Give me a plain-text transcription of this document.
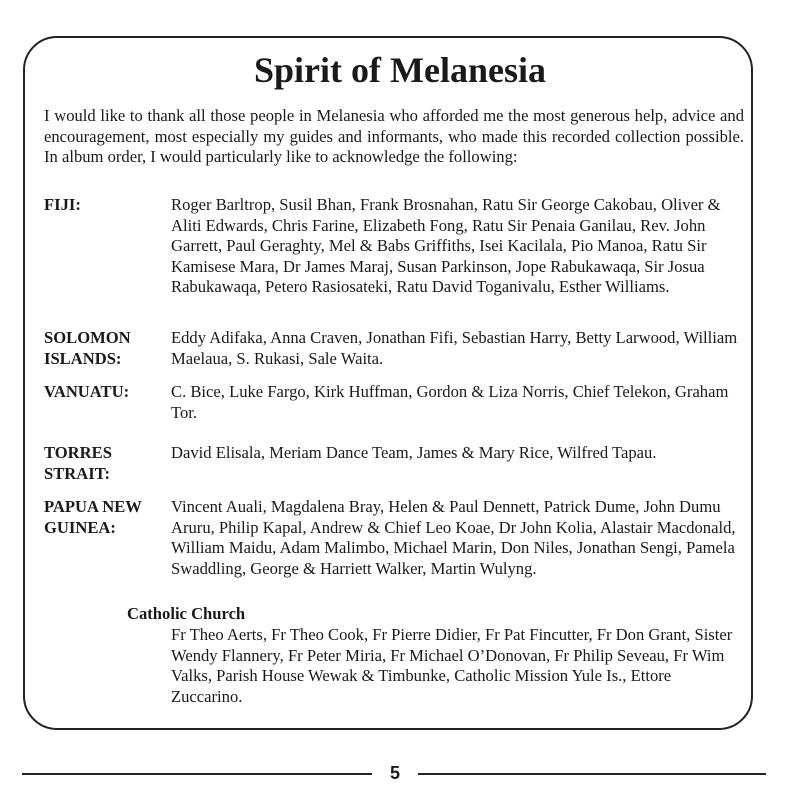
Spirit of Melanesia

I would like to thank all those people in Melanesia who afforded me the most generous help, advice and encouragement, most especially my guides and informants, who made this recorded collection possible. In album order, I would particularly like to acknowledge the following:

FIJI:	Roger Barltrop, Susil Bhan, Frank Brosnahan, Ratu Sir George Cakobau, Oliver & Aliti Edwards, Chris Farine, Elizabeth Fong, Ratu Sir Penaia Ganilau, Rev. John Garrett, Paul Geraghty, Mel & Babs Griffiths, Isei Kacilala, Pio Manoa, Ratu Sir Kamisese Mara, Dr James Maraj, Susan Parkinson, Jope Rabukawaqa, Sir Josua Rabukawaqa, Petero Rasiosateki, Ratu David Toganivalu, Esther Williams.
SOLOMON
ISLANDS:
Eddy Adifaka, Anna Craven, Jonathan Fifi, Sebastian Harry, Betty Larwood, William Maelaua, S. Rukasi, Sale Waita.
VANUATU:	C. Bice, Luke Fargo, Kirk Huffman, Gordon & Liza Norris, Chief Telekon, Graham Tor.
TORRES
STRAIT:
David Elisala, Meriam Dance Team, James & Mary Rice, Wilfred Tapau.
PAPUA NEW
GUINEA:
Vincent Auali, Magdalena Bray, Helen & Paul Dennett, Patrick Dume, John Dumu Aruru, Philip Kapal, Andrew & Chief Leo Koae, Dr John Kolia, Alastair Macdonald, William Maidu, Adam Malimbo, Michael Marin, Don Niles, Jonathan Sengi, Pamela Swaddling, George & Harriett Walker, Martin Wulyng.
Catholic Church
Fr Theo Aerts, Fr Theo Cook, Fr Pierre Didier, Fr Pat Fincutter, Fr Don Grant, Sister Wendy Flannery, Fr Peter Miria, Fr Michael O’Donovan, Fr Philip Seveau, Fr Wim Valks, Parish House Wewak & Timbunke, Catholic Mission Yule Is., Ettore Zuccarino.
5
